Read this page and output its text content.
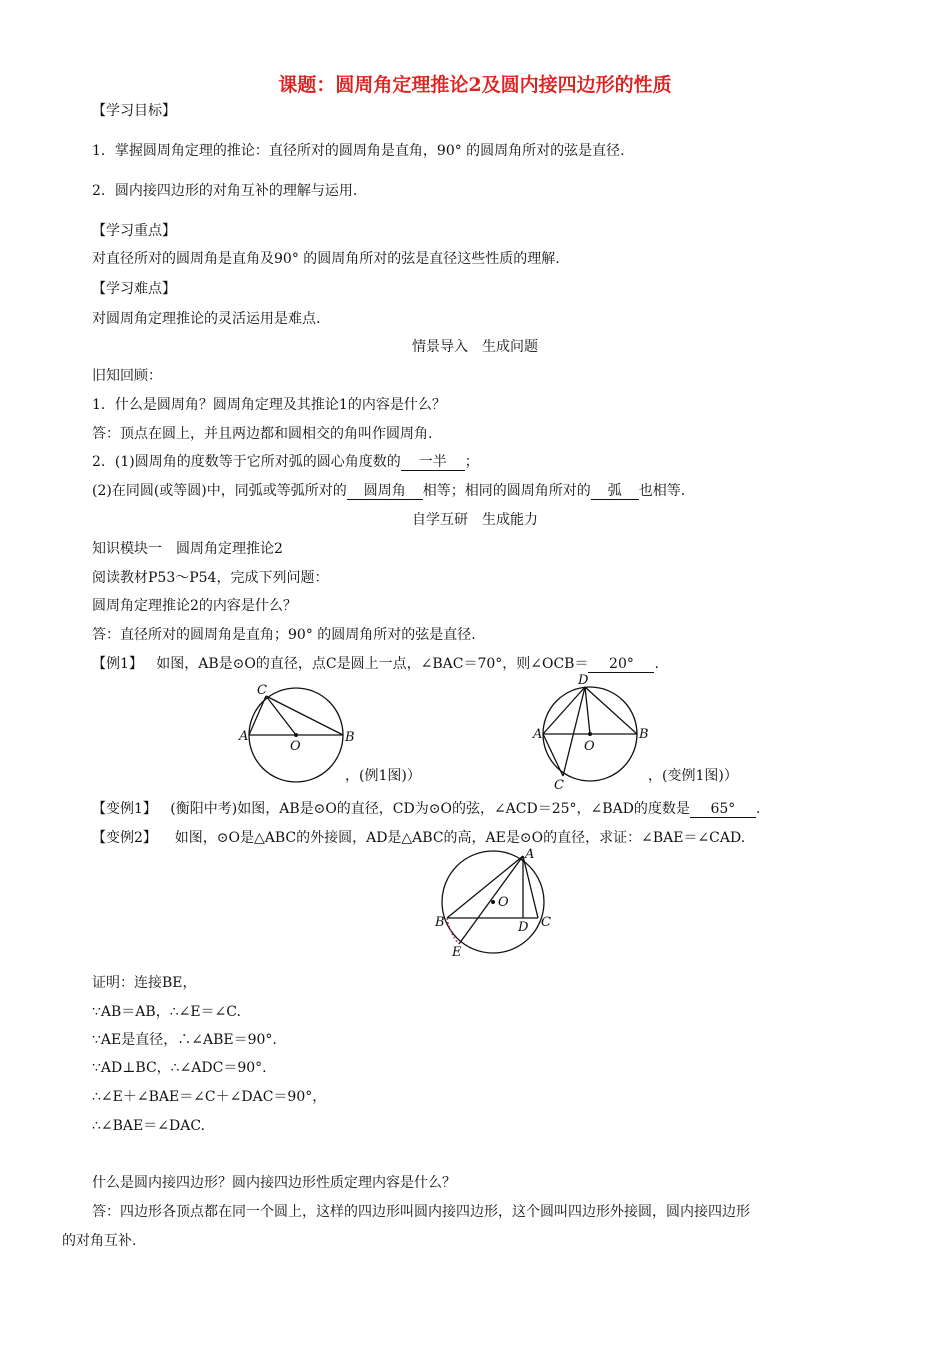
课题：圆周角定理推论2及圆内接四边形的性质
【学习目标】
1．掌握圆周角定理的推论：直径所对的圆周角是直角，90° 的圆周角所对的弦是直径.
2．圆内接四边形的对角互补的理解与运用.
【学习重点】
对直径所对的圆周角是直角及90° 的圆周角所对的弦是直径这些性质的理解.
【学习难点】
对圆周角定理推论的灵活运用是难点.
情景导入　生成问题
旧知回顾：
1．什么是圆周角？圆周角定理及其推论1的内容是什么？
答：顶点在圆上，并且两边都和圆相交的角叫作圆周角.
2．(1)圆周角的度数等于它所对弧的圆心角度数的 一半 ；
(2)在同圆(或等圆)中，同弧或等弧所对的 圆周角 相等；相同的圆周角所对的 弧 也相等.
自学互研　生成能力
知识模块一　圆周角定理推论2
阅读教材P53～P54，完成下列问题：
圆周角定理推论2的内容是什么？
答：直径所对的圆周角是直角；90° 的圆周角所对的弦是直径.
【例1】 如图，AB是⊙O的直径，点C是圆上一点，∠BAC＝70°，则∠OCB＝ 20° .
A	B
C
O
，(例1图)）
A	B
C
D
O
，(变例1图)）
【变例1】 (衡阳中考)如图，AB是⊙O的直径，CD为⊙O的弦，∠ACD＝25°，∠BAD的度数是 65° .
【变例2】 如图，⊙O是△ABC的外接圆，AD是△ABC的高，AE是⊙O的直径，求证：∠BAE＝∠CAD.
A
B	C
D
E
O
证明：连接BE，
∵AB＝AB，∴∠E＝∠C.
∵AE是直径，∴∠ABE＝90°.
∵AD⊥BC，∴∠ADC＝90°.
∴∠E＋∠BAE＝∠C＋∠DAC＝90°，
∴∠BAE＝∠DAC.
什么是圆内接四边形？圆内接四边形性质定理内容是什么？
答：四边形各顶点都在同一个圆上，这样的四边形叫圆内接四边形，这个圆叫四边形外接圆，圆内接四边形
的对角互补.
